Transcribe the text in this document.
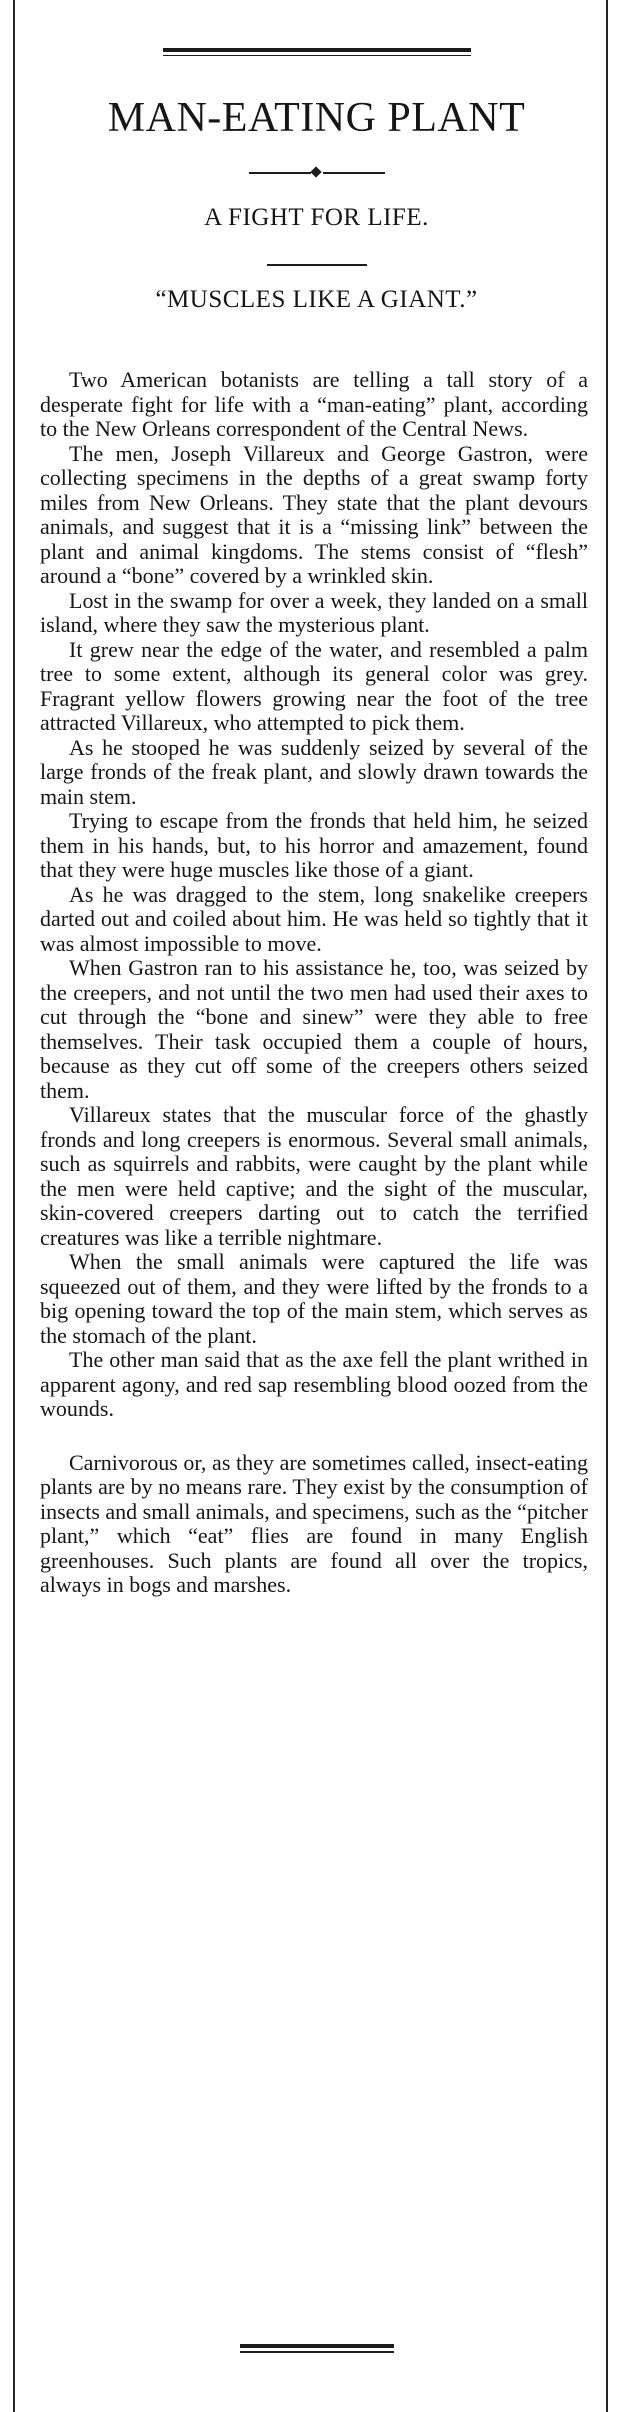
MAN-EATING PLANT
A FIGHT FOR LIFE.
“MUSCLES LIKE A GIANT.”

Two American botanists are telling a tall story of a desperate fight for life with a “man-eating” plant, according to the New Orleans correspondent of the Central News.

The men, Joseph Villareux and George Gastron, were collecting specimens in the depths of a great swamp forty miles from New Orleans. They state that the plant devours animals, and suggest that it is a “missing link” between the plant and animal kingdoms. The stems consist of “flesh” around a “bone” covered by a wrinkled skin.

Lost in the swamp for over a week, they landed on a small island, where they saw the mysterious plant.

It grew near the edge of the water, and resembled a palm tree to some extent, although its general color was grey. Fragrant yellow flowers growing near the foot of the tree attracted Villareux, who attempted to pick them.

As he stooped he was suddenly seized by several of the large fronds of the freak plant, and slowly drawn towards the main stem.

Trying to escape from the fronds that held him, he seized them in his hands, but, to his horror and amazement, found that they were huge muscles like those of a giant.

As he was dragged to the stem, long snakelike creepers darted out and coiled about him. He was held so tightly that it was almost impossible to move.

When Gastron ran to his assistance he, too, was seized by the creepers, and not until the two men had used their axes to cut through the “bone and sinew” were they able to free themselves. Their task occupied them a couple of hours, because as they cut off some of the creepers others seized them.

Villareux states that the muscular force of the ghastly fronds and long creepers is enormous. Several small animals, such as squirrels and rabbits, were caught by the plant while the men were held captive; and the sight of the muscular, skin-covered creepers darting out to catch the terrified creatures was like a terrible nightmare.

When the small animals were captured the life was squeezed out of them, and they were lifted by the fronds to a big opening toward the top of the main stem, which serves as the stomach of the plant.

The other man said that as the axe fell the plant writhed in apparent agony, and red sap resembling blood oozed from the wounds.

Carnivorous or, as they are sometimes called, insect-eating plants are by no means rare. They exist by the consumption of insects and small animals, and specimens, such as the “pitcher plant,” which “eat” flies are found in many English greenhouses. Such plants are found all over the tropics, always in bogs and marshes.
